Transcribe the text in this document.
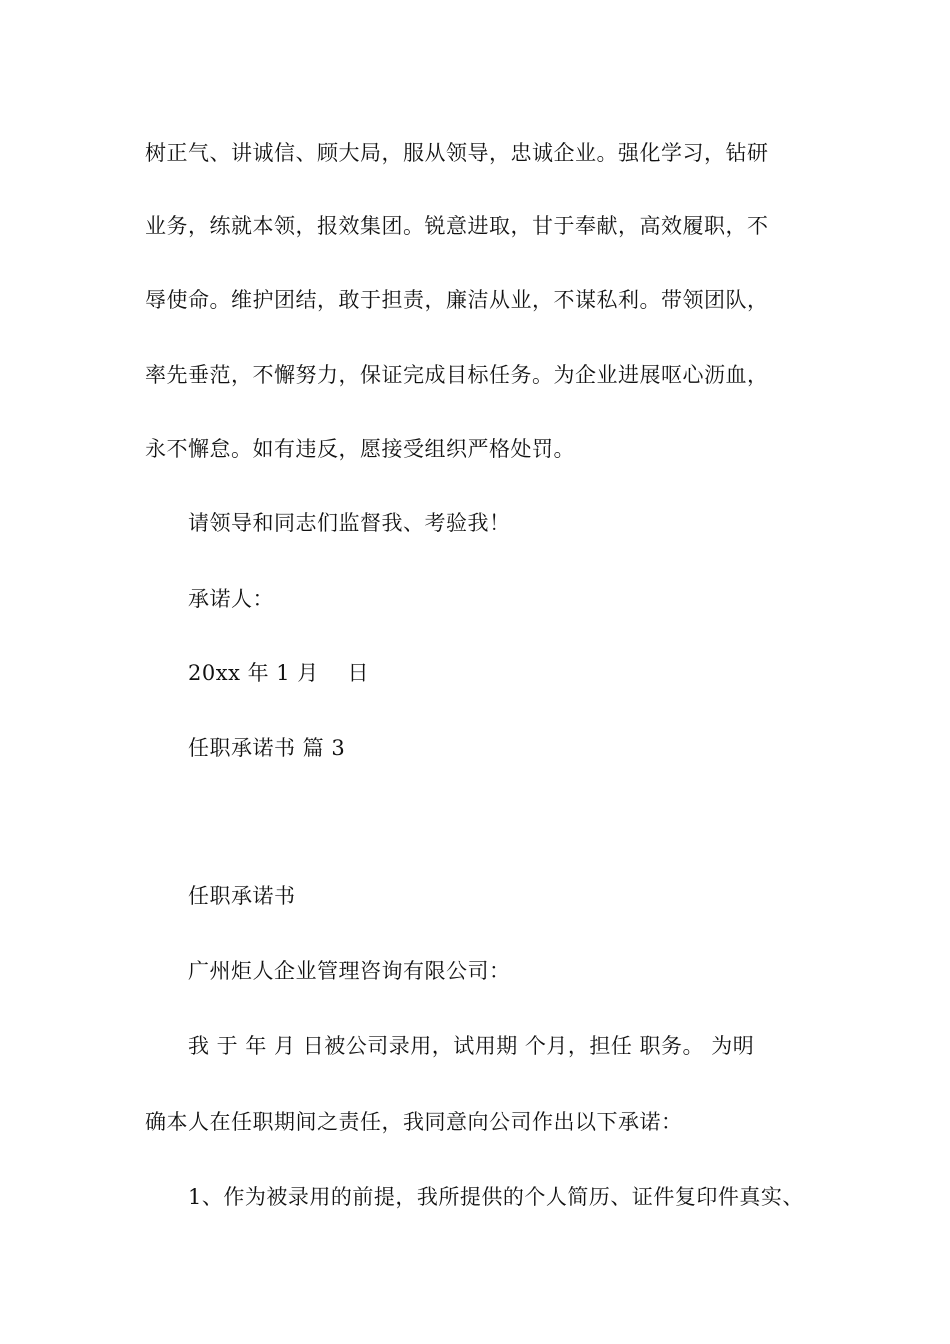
树正气、讲诚信、顾大局，服从领导，忠诚企业。强化学习，钻研
业务，练就本领，报效集团。锐意进取，甘于奉献，高效履职，不
辱使命。维护团结，敢于担责，廉洁从业，不谋私利。带领团队，
率先垂范，不懈努力，保证完成目标任务。为企业进展呕心沥血，
永不懈怠。如有违反，愿接受组织严格处罚。
请领导和同志们监督我、考验我！
承诺人：
20xx 年 1 月　 日
任职承诺书 篇 3
任职承诺书
广州炬人企业管理咨询有限公司：
我 于 年 月 日被公司录用，试用期 个月，担任 职务。 为明
确本人在任职期间之责任，我同意向公司作出以下承诺：
1、作为被录用的前提，我所提供的个人简历、证件复印件真实、
